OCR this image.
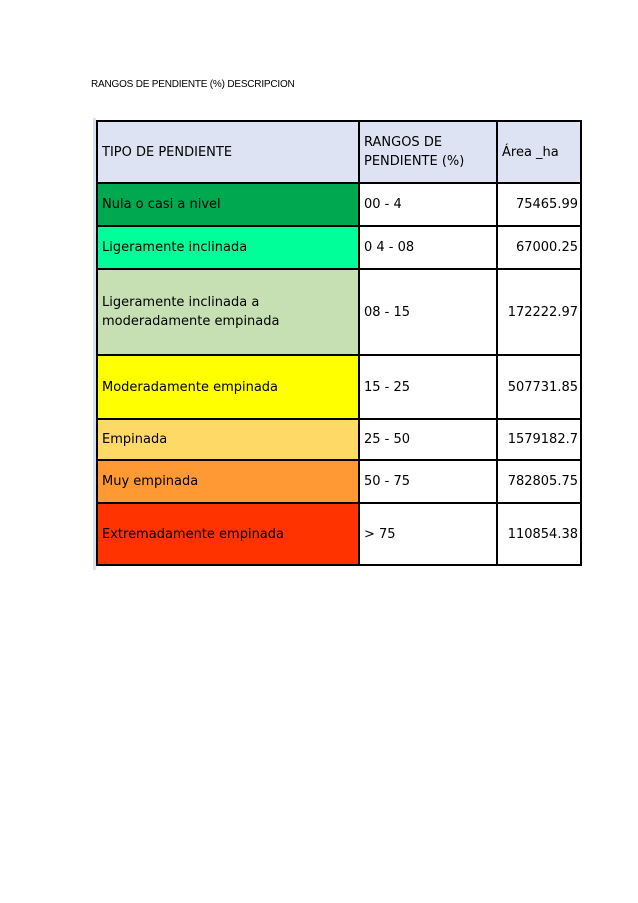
RANGOS DE PENDIENTE (%) DESCRIPCION
TIPO DE PENDIENTE	RANGOS DE PENDIENTE (%)	Área _ha
Nula o casi a nivel	00 - 4	75465.99
Ligeramente inclinada	0 4 - 08	67000.25
Ligeramente inclinada a moderadamente empinada	08 - 15	172222.97
Moderadamente empinada	15 - 25	507731.85
Empinada	25 - 50	1579182.7
Muy empinada	50 - 75	782805.75
Extremadamente empinada	> 75	110854.38
